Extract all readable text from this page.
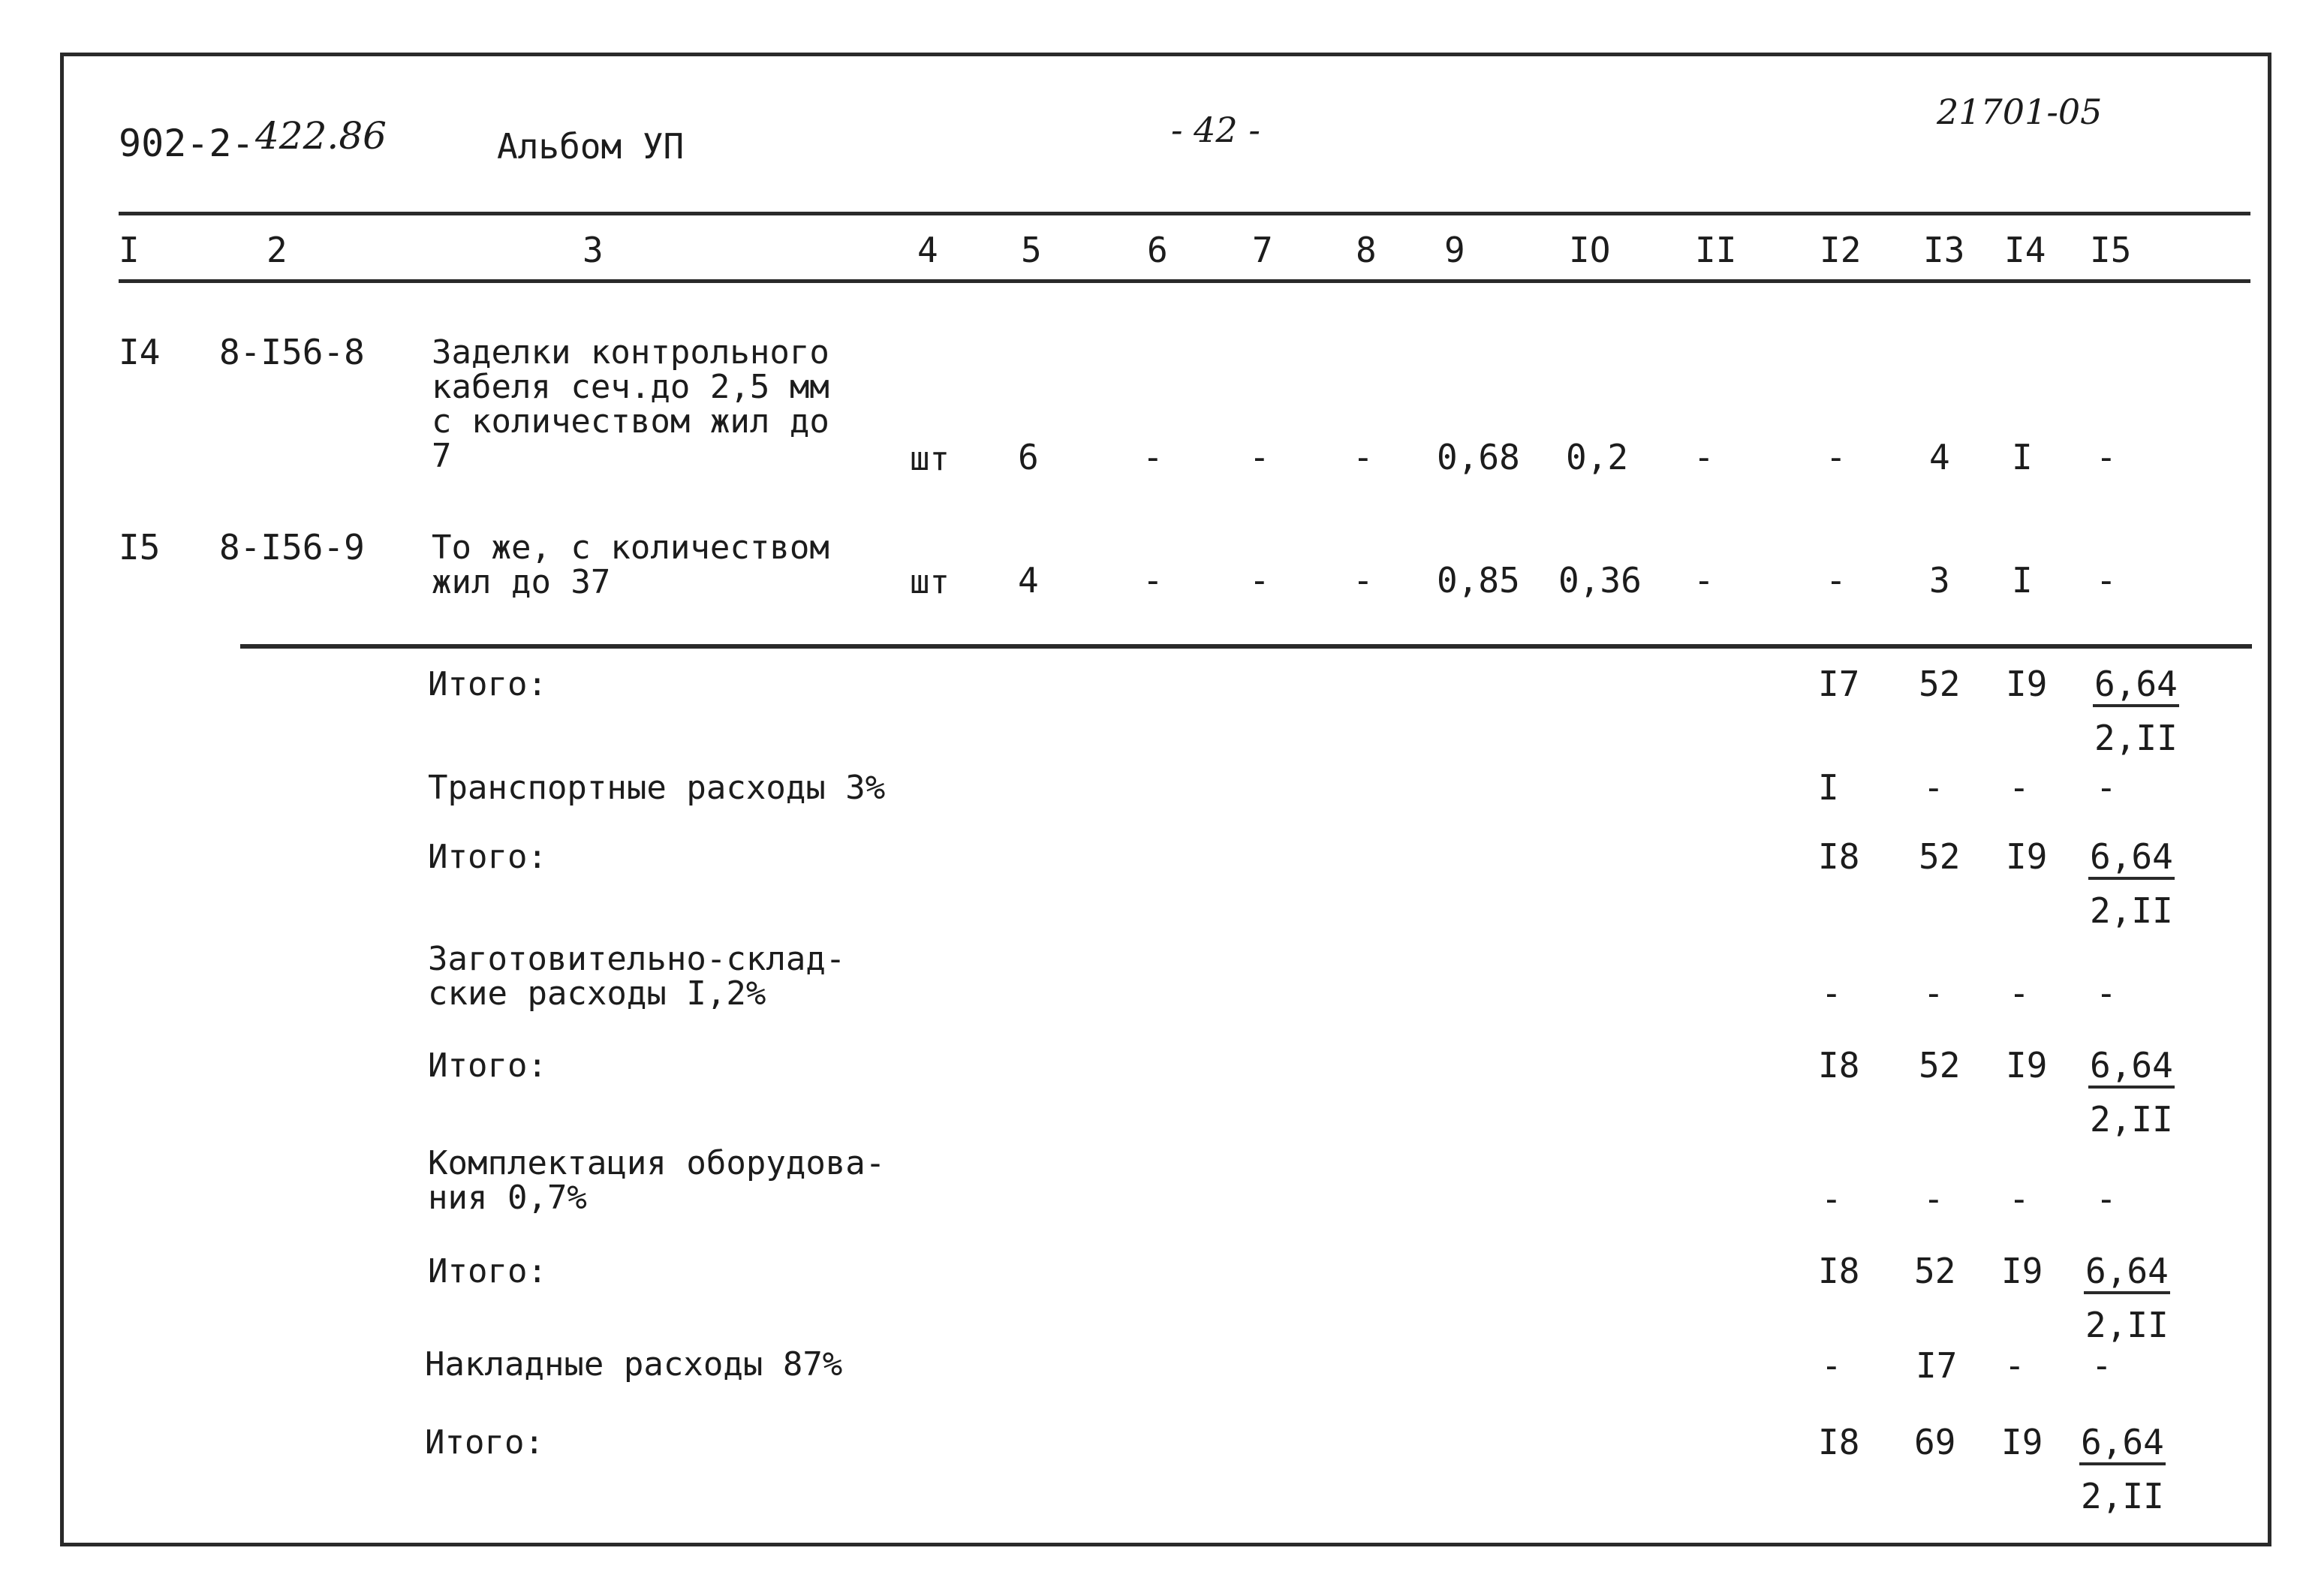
902-2- 422.86	Альбом УП	- 42 -	21701-05
I	2	3	4 5	6 7 8 9	IO II I2 I3 I4 I5
I4 8-I56-8 Заделки контрольного
кабеля сеч.до 2,5 мм
с количеством жил до
7	шт 6	- - - 0,68 0,2 -	- 4 I -
I5 8-I56-9 То же, с количеством
жил до 37	шт 4	- - - 0,85 0,36 -	- 3 I -
Итого:	I7 52 $I9 \frac{6,64}{2,II}$
Транспортные расходы 3%	I - - -
Итого:	I8 52 $I9 \frac{6,64}{2,II}$
Заготовительно-склад-
ские расходы I,2%	- - - -
Итого:	I8 52 $I9 \frac{6,64}{2,II}$
Комплектация оборудова-
ния 0,7%	- - - -
Итого:	I8 52 $I9 \frac{6,64}{2,II}$
Накладные расходы 87%	- I7 - -
Итого:	I8 69 $I9 \frac{6,64}{2,II}$
